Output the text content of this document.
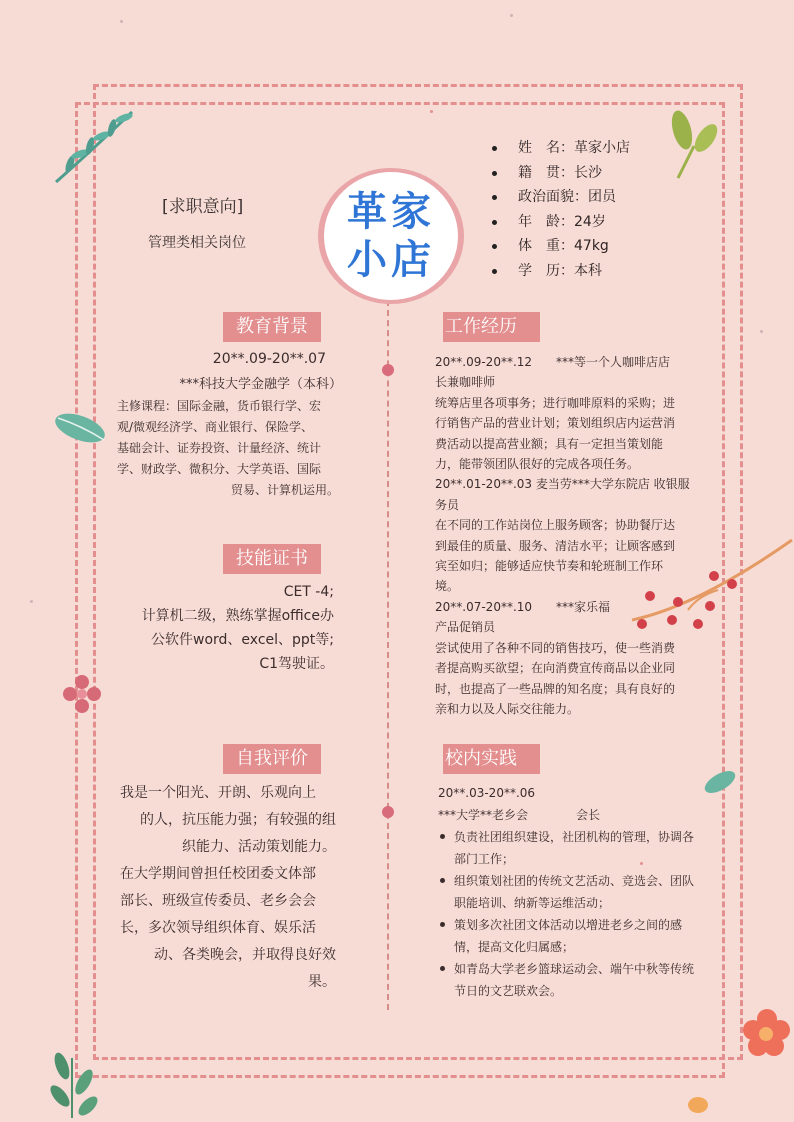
[求职意向]
管理类相关岗位
革家
小店
姓　名：革家小店
籍　贯：长沙
政治面貌：团员
年　龄：24岁
体　重：47kg
学　历：本科
教育背景
20**.09-20**.07
***科技大学金融学（本科）

主修课程：国际金融，货币银行学、宏

观/微观经济学、商业银行、保险学、

基础会计、证券投资、计量经济、统计

学、财政学、微积分、大学英语、国际

贸易、计算机运用。

技能证书

CET -4;

计算机二级，熟练掌握office办

公软件word、excel、ppt等;

C1驾驶证。

自我评价

我是一个阳光、开朗、乐观向上

的人，抗压能力强；有较强的组

织能力、活动策划能力。

在大学期间曾担任校团委文体部

部长、班级宣传委员、老乡会会

长，多次领导组织体育、娱乐活

动、各类晚会，并取得良好效

果。

工作经历

20**.09-20**.12　　***等一个人咖啡店店

长兼咖啡师

统筹店里各项事务；进行咖啡原料的采购；进

行销售产品的营业计划；策划组织店内运营消

费活动以提高营业额；具有一定担当策划能

力，能带领团队很好的完成各项任务。

20**.01-20**.03 麦当劳***大学东院店 收银服

务员

在不同的工作站岗位上服务顾客；协助餐厅达

到最佳的质量、服务、清洁水平；让顾客感到

宾至如归；能够适应快节奏和轮班制工作环

境。

20**.07-20**.10　　***家乐福

产品促销员

尝试使用了各种不同的销售技巧，使一些消费

者提高购买欲望；在向消费宣传商品以企业同

时，也提高了一些品牌的知名度；具有良好的

亲和力以及人际交往能力。

校内实践

20**.03-20**.06

***大学**老乡会　　　　会长

负责社团组织建设，社团机构的管理，协调各部门工作；

组织策划社团的传统文艺活动、竞选会、团队职能培训、纳新等运维活动；

策划多次社团文体活动以增进老乡之间的感情，提高文化归属感；

如青岛大学老乡篮球运动会、端午中秋等传统节日的文艺联欢会。
